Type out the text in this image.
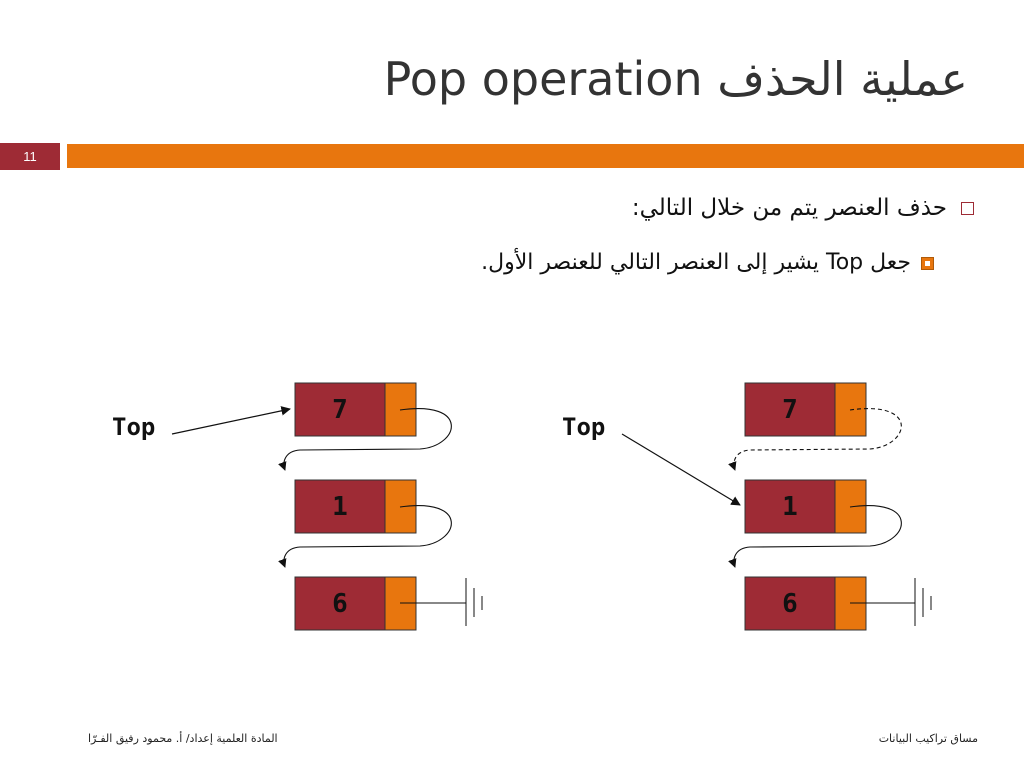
Pop operation عملية الحذف
11
حذف العنصر يتم من خلال التالي:
جعل Top يشير إلى العنصر التالي للعنصر الأول.
Top
7
1
6
Top
7
1
6
المادة العلمية إعداد/ أ. محمود رفيق الفـرّا	مساق تراكيب البيانات
